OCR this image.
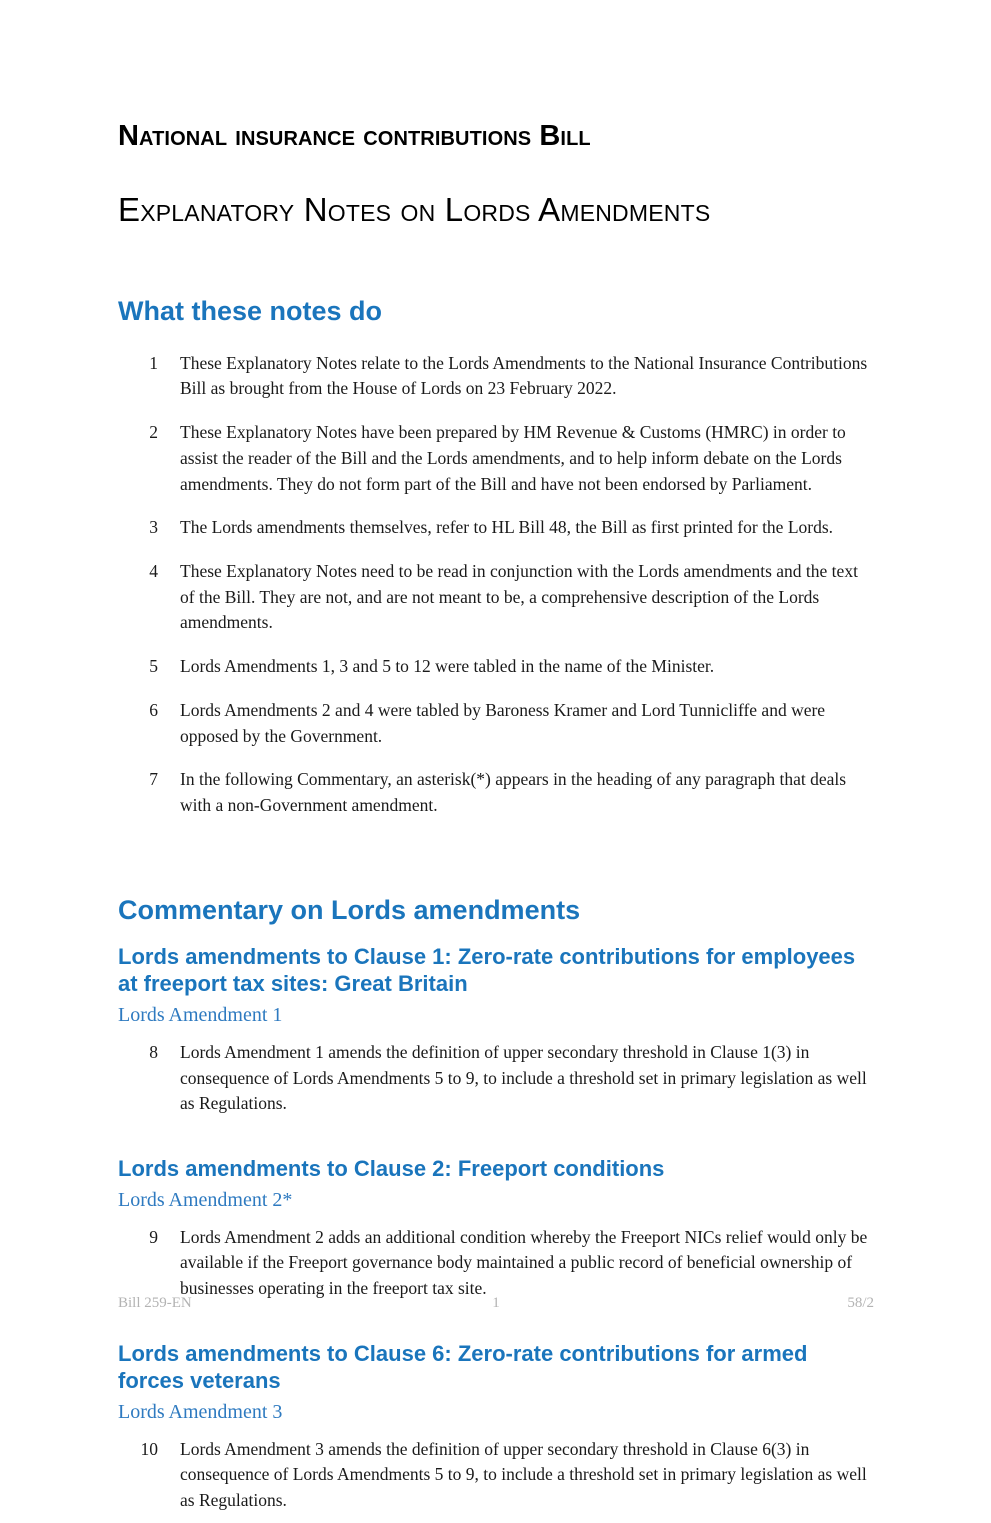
National insurance contributions Bill
Explanatory Notes on Lords Amendments
What these notes do
1 These Explanatory Notes relate to the Lords Amendments to the National Insurance Contributions Bill as brought from the House of Lords on 23 February 2022.
2 These Explanatory Notes have been prepared by HM Revenue & Customs (HMRC) in order to assist the reader of the Bill and the Lords amendments, and to help inform debate on the Lords amendments. They do not form part of the Bill and have not been endorsed by Parliament.
3 The Lords amendments themselves, refer to HL Bill 48, the Bill as first printed for the Lords.
4 These Explanatory Notes need to be read in conjunction with the Lords amendments and the text of the Bill. They are not, and are not meant to be, a comprehensive description of the Lords amendments.
5 Lords Amendments 1, 3 and 5 to 12 were tabled in the name of the Minister.
6 Lords Amendments 2 and 4 were tabled by Baroness Kramer and Lord Tunnicliffe and were opposed by the Government.
7 In the following Commentary, an asterisk(*) appears in the heading of any paragraph that deals with a non-Government amendment.
Commentary on Lords amendments
Lords amendments to Clause 1: Zero-rate contributions for employees at freeport tax sites: Great Britain
Lords Amendment 1
8 Lords Amendment 1 amends the definition of upper secondary threshold in Clause 1(3) in consequence of Lords Amendments 5 to 9, to include a threshold set in primary legislation as well as Regulations.
Lords amendments to Clause 2: Freeport conditions
Lords Amendment 2*
9 Lords Amendment 2 adds an additional condition whereby the Freeport NICs relief would only be available if the Freeport governance body maintained a public record of beneficial ownership of businesses operating in the freeport tax site.
Lords amendments to Clause 6: Zero-rate contributions for armed forces veterans
Lords Amendment 3
10 Lords Amendment 3 amends the definition of upper secondary threshold in Clause 6(3) in consequence of Lords Amendments 5 to 9, to include a threshold set in primary legislation as well as Regulations.
Bill 259-EN	1	58/2
